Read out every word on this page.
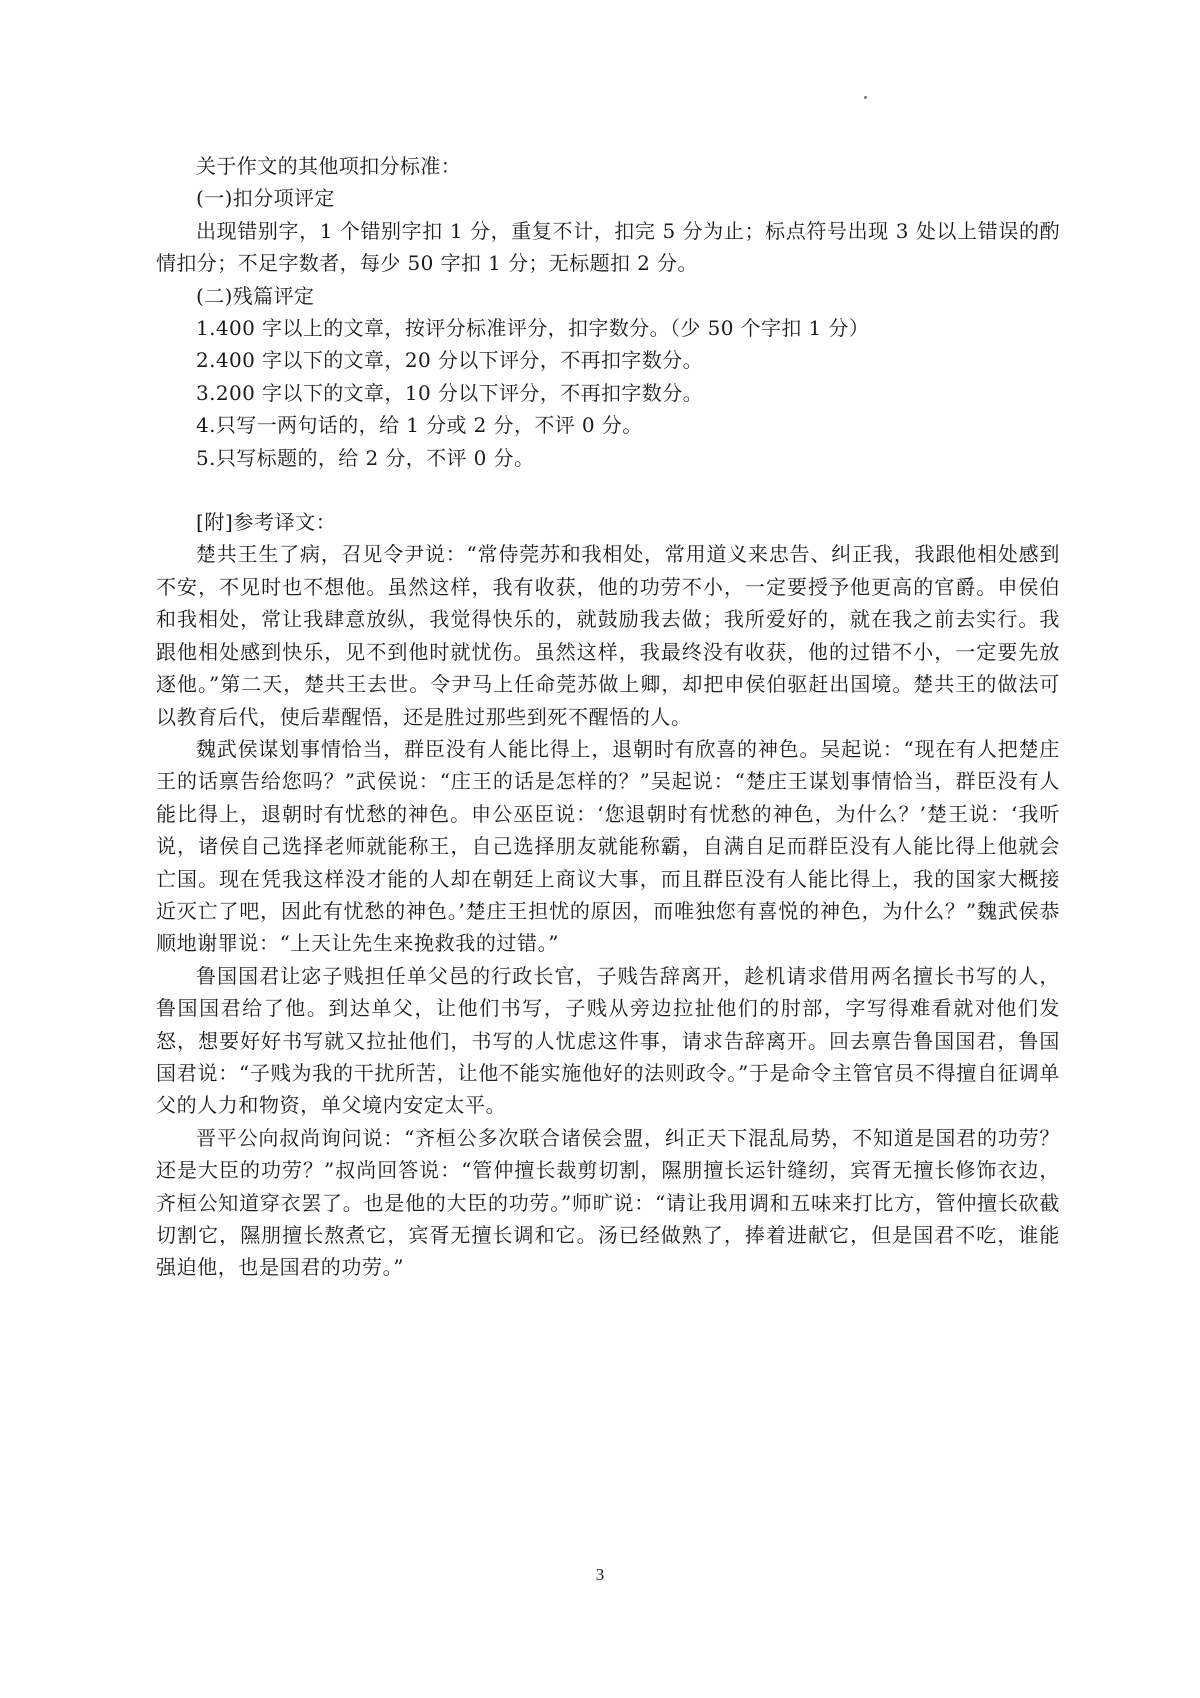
关于作文的其他项扣分标准：

(一)扣分项评定

出现错别字，1 个错别字扣 1 分，重复不计，扣完 5 分为止；标点符号出现 3 处以上错误的酌情扣分；不足字数者，每少 50 字扣 1 分；无标题扣 2 分。

(二)残篇评定

1.400 字以上的文章，按评分标准评分，扣字数分。（少 50 个字扣 1 分）

2.400 字以下的文章，20 分以下评分，不再扣字数分。

3.200 字以下的文章，10 分以下评分，不再扣字数分。

4.只写一两句话的，给 1 分或 2 分，不评 0 分。

5.只写标题的，给 2 分，不评 0 分。

[附]参考译文：

楚共王生了病，召见令尹说：“常侍莞苏和我相处，常用道义来忠告、纠正我，我跟他相处感到不安，不见时也不想他。虽然这样，我有收获，他的功劳不小，一定要授予他更高的官爵。申侯伯和我相处，常让我肆意放纵，我觉得快乐的，就鼓励我去做；我所爱好的，就在我之前去实行。我跟他相处感到快乐，见不到他时就忧伤。虽然这样，我最终没有收获，他的过错不小，一定要先放逐他。”第二天，楚共王去世。令尹马上任命莞苏做上卿，却把申侯伯驱赶出国境。楚共王的做法可以教育后代，使后辈醒悟，还是胜过那些到死不醒悟的人。

魏武侯谋划事情恰当，群臣没有人能比得上，退朝时有欣喜的神色。吴起说：“现在有人把楚庄王的话禀告给您吗？”武侯说：“庄王的话是怎样的？”吴起说：“楚庄王谋划事情恰当，群臣没有人能比得上，退朝时有忧愁的神色。申公巫臣说：‘您退朝时有忧愁的神色，为什么？’楚王说：‘我听说，诸侯自己选择老师就能称王，自己选择朋友就能称霸，自满自足而群臣没有人能比得上他就会亡国。现在凭我这样没才能的人却在朝廷上商议大事，而且群臣没有人能比得上，我的国家大概接近灭亡了吧，因此有忧愁的神色。’楚庄王担忧的原因，而唯独您有喜悦的神色，为什么？”魏武侯恭顺地谢罪说：“上天让先生来挽救我的过错。”

鲁国国君让宓子贱担任单父邑的行政长官，子贱告辞离开，趁机请求借用两名擅长书写的人，鲁国国君给了他。到达单父，让他们书写，子贱从旁边拉扯他们的肘部，字写得难看就对他们发怒，想要好好书写就又拉扯他们，书写的人忧虑这件事，请求告辞离开。回去禀告鲁国国君，鲁国国君说：“子贱为我的干扰所苦，让他不能实施他好的法则政令。”于是命令主管官员不得擅自征调单父的人力和物资，单父境内安定太平。

晋平公向叔尚询问说：“齐桓公多次联合诸侯会盟，纠正天下混乱局势，不知道是国君的功劳？还是大臣的功劳？”叔尚回答说：“管仲擅长裁剪切割，隰朋擅长运针缝纫，宾胥无擅长修饰衣边，齐桓公知道穿衣罢了。也是他的大臣的功劳。”师旷说：“请让我用调和五味来打比方，管仲擅长砍截切割它，隰朋擅长熬煮它，宾胥无擅长调和它。汤已经做熟了，捧着进献它，但是国君不吃，谁能强迫他，也是国君的功劳。”

3
